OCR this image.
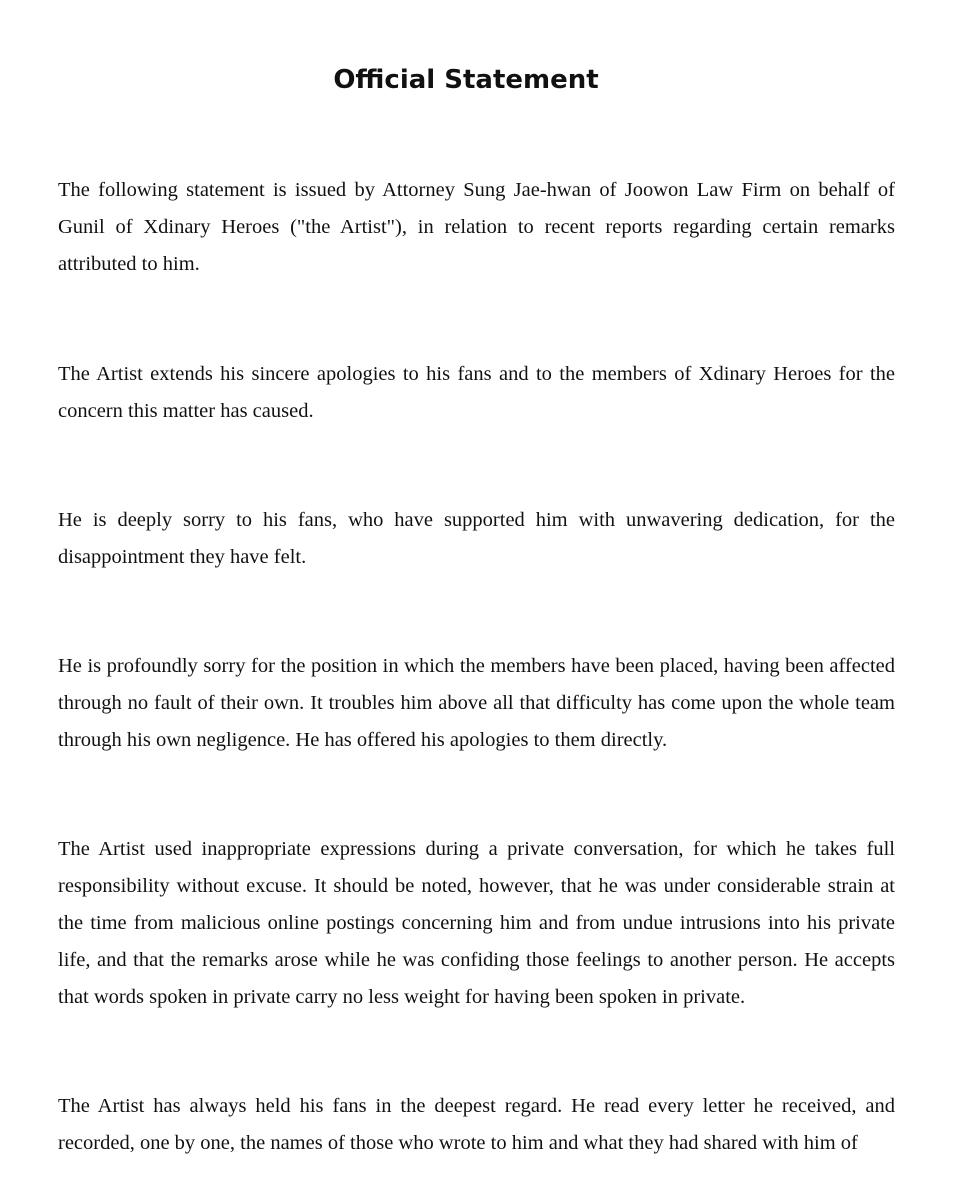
Official Statement

The following statement is issued by Attorney Sung Jae-hwan of Joowon Law Firm on behalf of Gunil of Xdinary Heroes ("the Artist"), in relation to recent reports regarding certain remarks attributed to him.

The Artist extends his sincere apologies to his fans and to the members of Xdinary Heroes for the concern this matter has caused.

He is deeply sorry to his fans, who have supported him with unwavering dedication, for the disappointment they have felt.

He is profoundly sorry for the position in which the members have been placed, having been affected through no fault of their own. It troubles him above all that difficulty has come upon the whole team through his own negligence. He has offered his apologies to them directly.

The Artist used inappropriate expressions during a private conversation, for which he takes full responsibility without excuse. It should be noted, however, that he was under considerable strain at the time from malicious online postings concerning him and from undue intrusions into his private life, and that the remarks arose while he was confiding those feelings to another person. He accepts that words spoken in private carry no less weight for having been spoken in private.

The Artist has always held his fans in the deepest regard. He read every letter he received, and recorded, one by one, the names of those who wrote to him and what they had shared with him of
